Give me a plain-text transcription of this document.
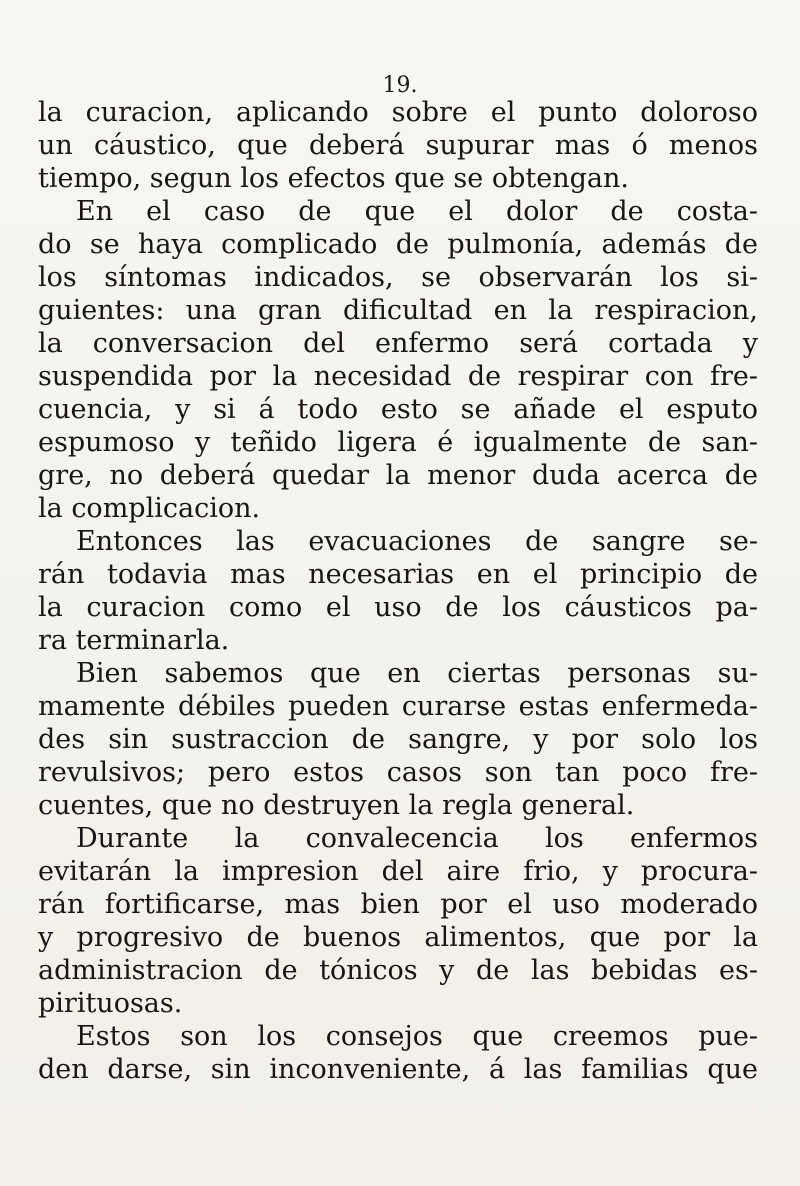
19.
la curacion, aplicando sobre el punto doloroso
un cáustico, que deberá supurar mas ó menos
tiempo, segun los efectos que se obtengan.
En el caso de que el dolor de costa-
do se haya complicado de pulmonía, además de
los síntomas indicados, se observarán los si-
guientes: una gran dificultad en la respiracion,
la conversacion del enfermo será cortada y
suspendida por la necesidad de respirar con fre-
cuencia, y si á todo esto se añade el esputo
espumoso y teñido ligera é igualmente de san-
gre, no deberá quedar la menor duda acerca de
la complicacion.
Entonces las evacuaciones de sangre se-
rán todavia mas necesarias en el principio de
la curacion como el uso de los cáusticos pa-
ra terminarla.
Bien sabemos que en ciertas personas su-
mamente débiles pueden curarse estas enfermeda-
des sin sustraccion de sangre, y por solo los
revulsivos; pero estos casos son tan poco fre-
cuentes, que no destruyen la regla general.
Durante la convalecencia los enfermos
evitarán la impresion del aire frio, y procura-
rán fortificarse, mas bien por el uso moderado
y progresivo de buenos alimentos, que por la
administracion de tónicos y de las bebidas es-
pirituosas.
Estos son los consejos que creemos pue-
den darse, sin inconveniente, á las familias que
